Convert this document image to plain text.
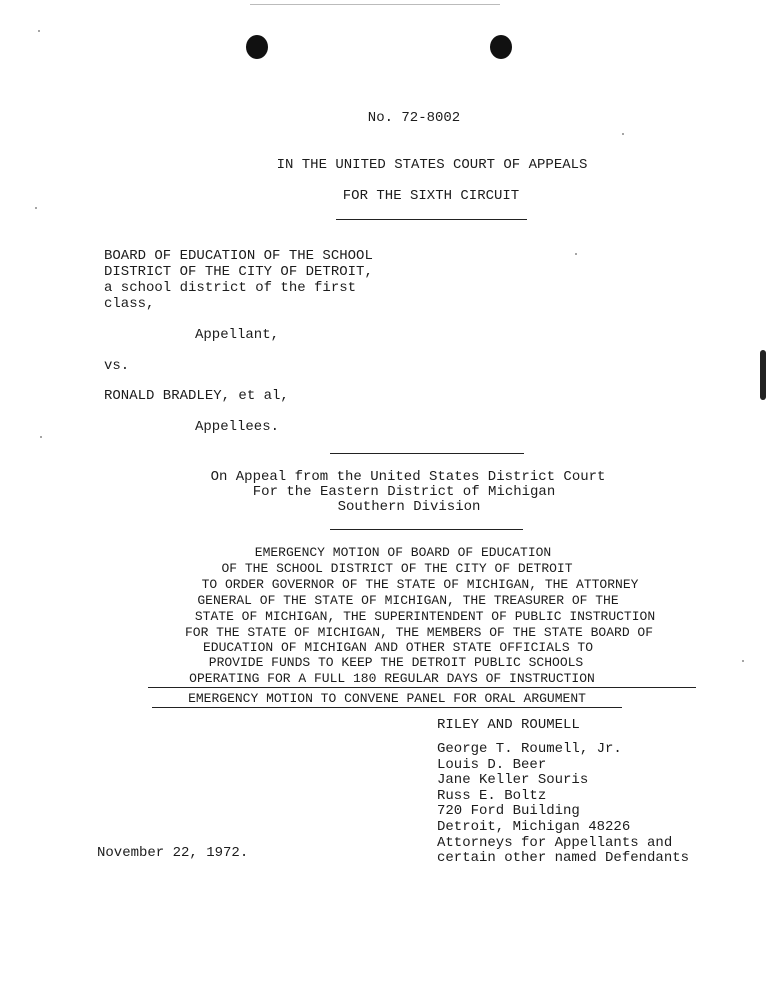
No. 72-8002
IN THE UNITED STATES COURT OF APPEALS
FOR THE SIXTH CIRCUIT
BOARD OF EDUCATION OF THE SCHOOL
DISTRICT OF THE CITY OF DETROIT,
a school district of the first
class,
Appellant,
vs.
RONALD BRADLEY, et al,
Appellees.
On Appeal from the United States District Court
For the Eastern District of Michigan
Southern Division
EMERGENCY MOTION OF BOARD OF EDUCATION
OF THE SCHOOL DISTRICT OF THE CITY OF DETROIT
TO ORDER GOVERNOR OF THE STATE OF MICHIGAN, THE ATTORNEY
GENERAL OF THE STATE OF MICHIGAN, THE TREASURER OF THE
STATE OF MICHIGAN, THE SUPERINTENDENT OF PUBLIC INSTRUCTION
FOR THE STATE OF MICHIGAN, THE MEMBERS OF THE STATE BOARD OF
EDUCATION OF MICHIGAN AND OTHER STATE OFFICIALS TO
PROVIDE FUNDS TO KEEP THE DETROIT PUBLIC SCHOOLS
OPERATING FOR A FULL 180 REGULAR DAYS OF INSTRUCTION
EMERGENCY MOTION TO CONVENE PANEL FOR ORAL ARGUMENT
RILEY AND ROUMELL
George T. Roumell, Jr.
Louis D. Beer
Jane Keller Souris
Russ E. Boltz
720 Ford Building
Detroit, Michigan 48226
Attorneys for Appellants and
certain other named Defendants
November 22, 1972.
